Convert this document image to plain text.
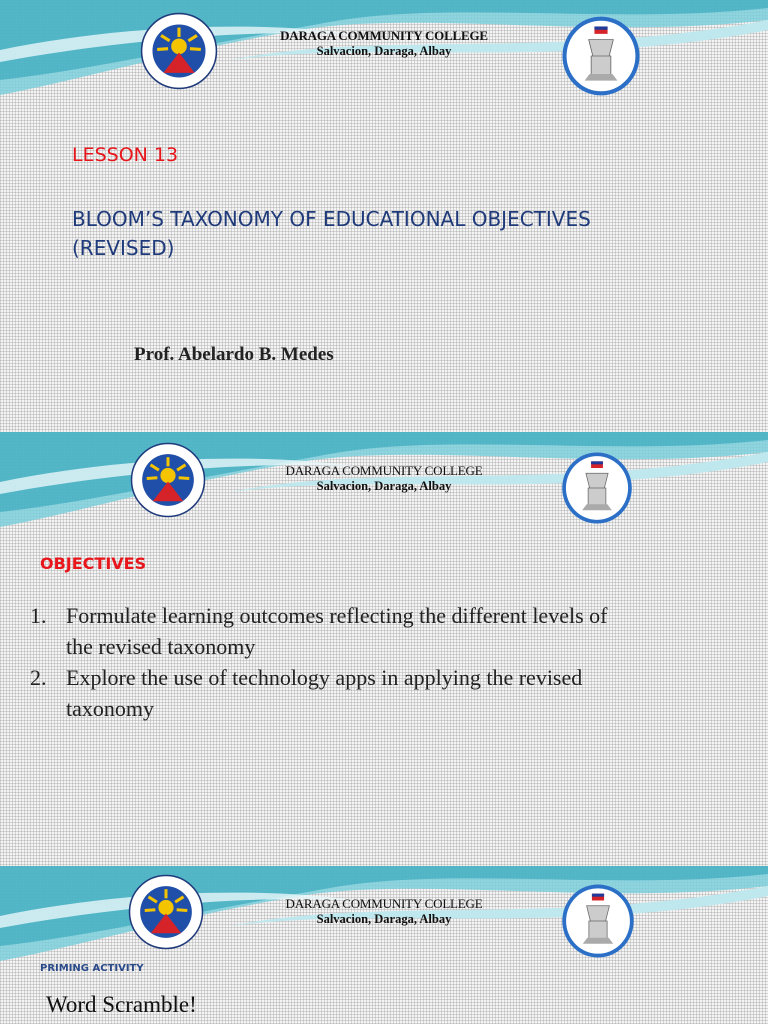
DARAGA COMMUNITY COLLEGE
Salvacion, Daraga, Albay
LESSON 13
BLOOM’S TAXONOMY OF EDUCATIONAL OBJECTIVES
(REVISED)
Prof. Abelardo B. Medes
DARAGA COMMUNITY COLLEGE
Salvacion, Daraga, Albay
OBJECTIVES
1. Formulate learning outcomes reflecting the different levels of
the revised taxonomy
2. Explore the use of technology apps in applying the revised
taxonomy
DARAGA COMMUNITY COLLEGE
Salvacion, Daraga, Albay
PRIMING ACTIVITY
Word Scramble!
